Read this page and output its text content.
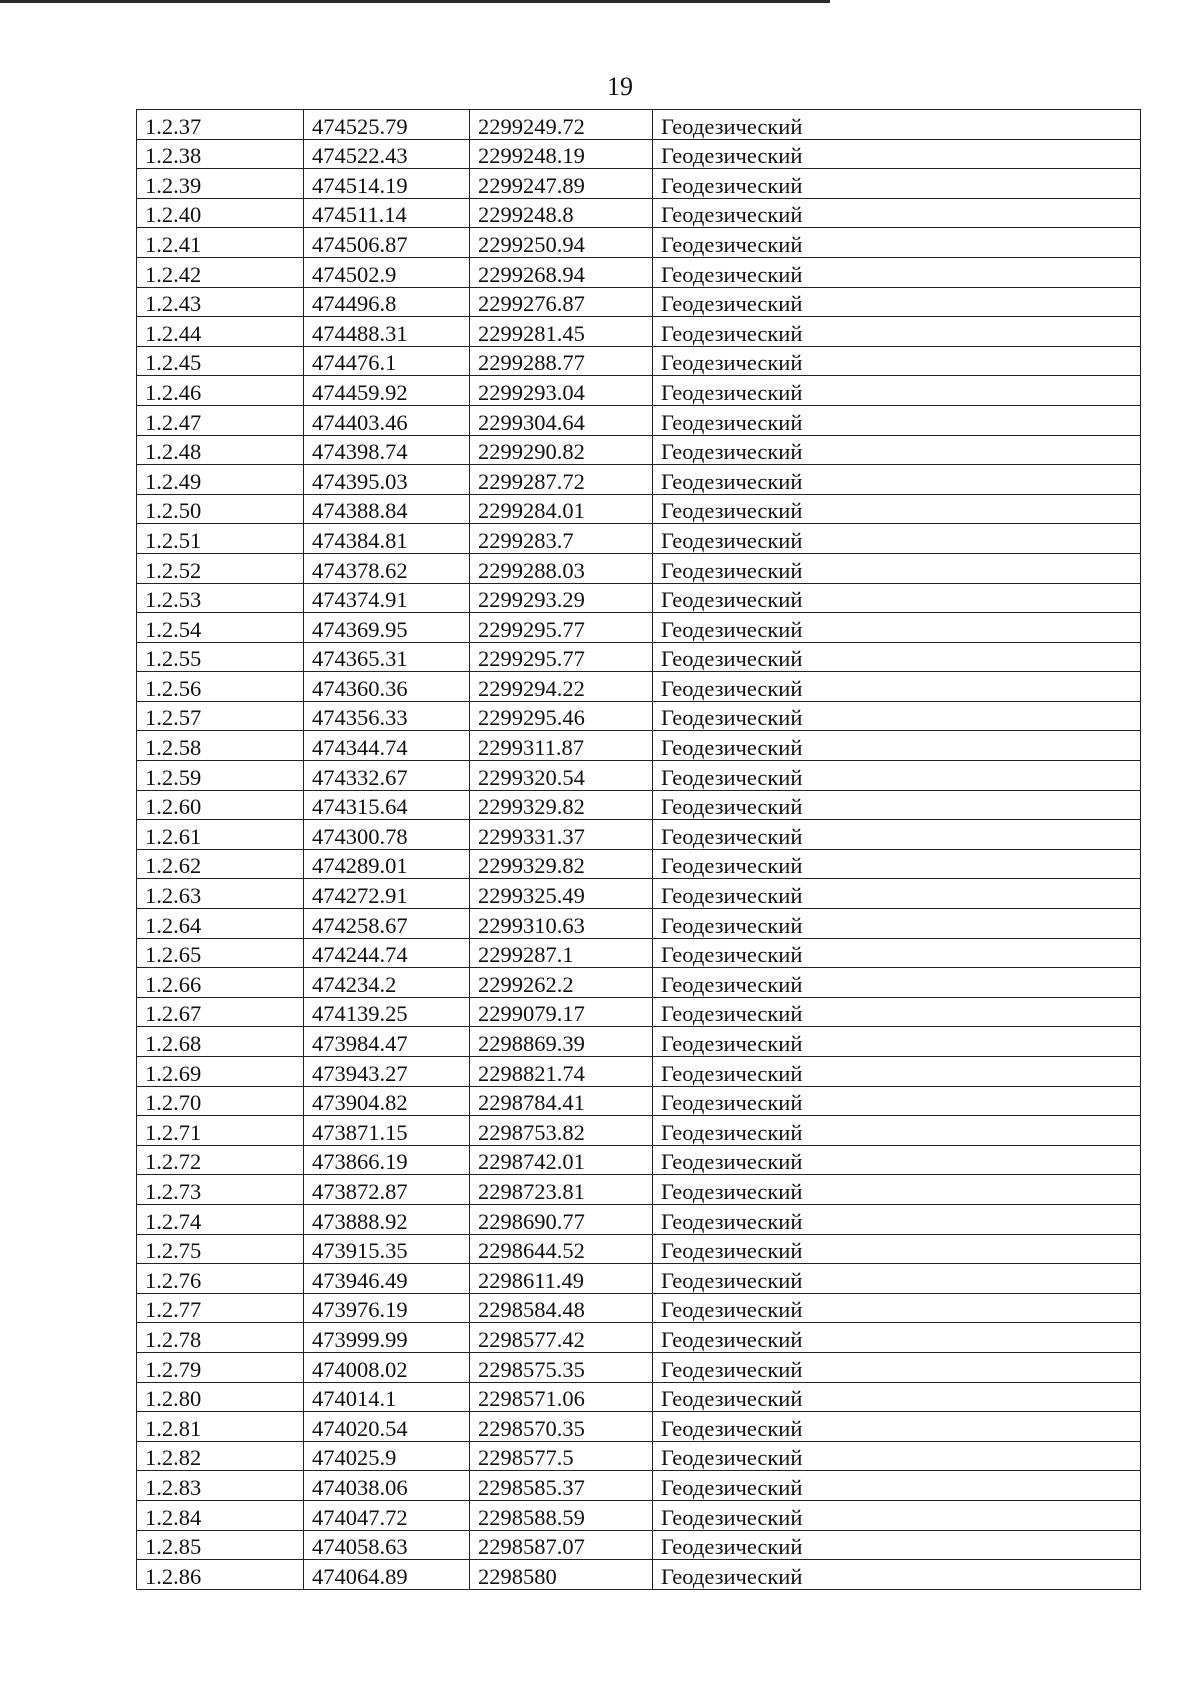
19
1.2.37	474525.79	2299249.72	Геодезический
1.2.38	474522.43	2299248.19	Геодезический
1.2.39	474514.19	2299247.89	Геодезический
1.2.40	474511.14	2299248.8	Геодезический
1.2.41	474506.87	2299250.94	Геодезический
1.2.42	474502.9	2299268.94	Геодезический
1.2.43	474496.8	2299276.87	Геодезический
1.2.44	474488.31	2299281.45	Геодезический
1.2.45	474476.1	2299288.77	Геодезический
1.2.46	474459.92	2299293.04	Геодезический
1.2.47	474403.46	2299304.64	Геодезический
1.2.48	474398.74	2299290.82	Геодезический
1.2.49	474395.03	2299287.72	Геодезический
1.2.50	474388.84	2299284.01	Геодезический
1.2.51	474384.81	2299283.7	Геодезический
1.2.52	474378.62	2299288.03	Геодезический
1.2.53	474374.91	2299293.29	Геодезический
1.2.54	474369.95	2299295.77	Геодезический
1.2.55	474365.31	2299295.77	Геодезический
1.2.56	474360.36	2299294.22	Геодезический
1.2.57	474356.33	2299295.46	Геодезический
1.2.58	474344.74	2299311.87	Геодезический
1.2.59	474332.67	2299320.54	Геодезический
1.2.60	474315.64	2299329.82	Геодезический
1.2.61	474300.78	2299331.37	Геодезический
1.2.62	474289.01	2299329.82	Геодезический
1.2.63	474272.91	2299325.49	Геодезический
1.2.64	474258.67	2299310.63	Геодезический
1.2.65	474244.74	2299287.1	Геодезический
1.2.66	474234.2	2299262.2	Геодезический
1.2.67	474139.25	2299079.17	Геодезический
1.2.68	473984.47	2298869.39	Геодезический
1.2.69	473943.27	2298821.74	Геодезический
1.2.70	473904.82	2298784.41	Геодезический
1.2.71	473871.15	2298753.82	Геодезический
1.2.72	473866.19	2298742.01	Геодезический
1.2.73	473872.87	2298723.81	Геодезический
1.2.74	473888.92	2298690.77	Геодезический
1.2.75	473915.35	2298644.52	Геодезический
1.2.76	473946.49	2298611.49	Геодезический
1.2.77	473976.19	2298584.48	Геодезический
1.2.78	473999.99	2298577.42	Геодезический
1.2.79	474008.02	2298575.35	Геодезический
1.2.80	474014.1	2298571.06	Геодезический
1.2.81	474020.54	2298570.35	Геодезический
1.2.82	474025.9	2298577.5	Геодезический
1.2.83	474038.06	2298585.37	Геодезический
1.2.84	474047.72	2298588.59	Геодезический
1.2.85	474058.63	2298587.07	Геодезический
1.2.86	474064.89	2298580	Геодезический
